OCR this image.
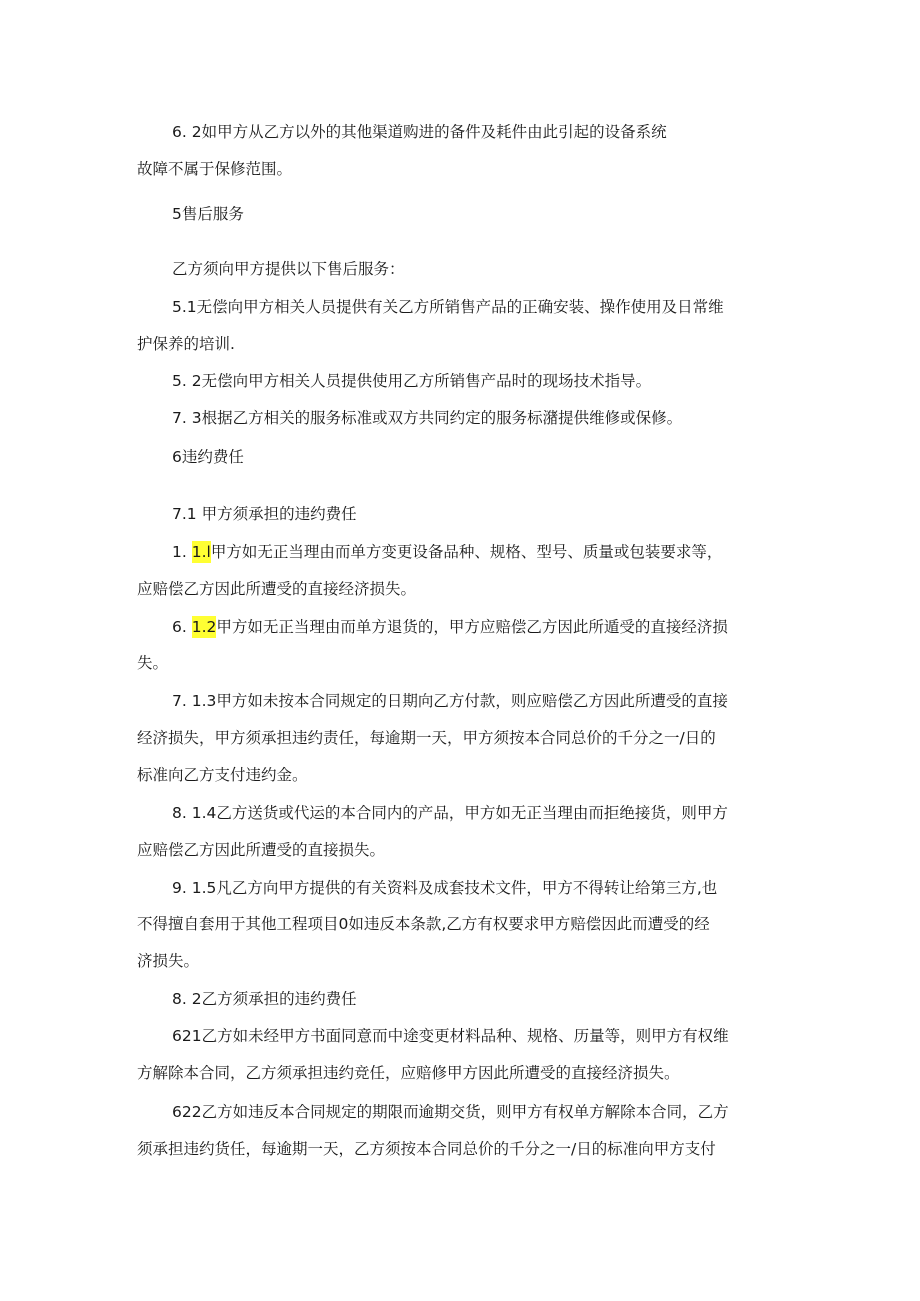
6. 2如甲方从乙方以外的其他渠道购进的备件及耗件由此引起的设备系统

故障不属于保修范围。

5售后服务

乙方须向甲方提供以下售后服务：

5.1无偿向甲方相关人员提供有关乙方所销售产品的正确安装、操作使用及日常维

护保养的培训.

5. 2无偿向甲方相关人员提供使用乙方所销售产品时的现场技术指导。

7. 3根据乙方相关的服务标准或双方共同约定的服务标潴提供维修或保修。

6违约费任

7.1 甲方须承担的违约费任

1. 1.l甲方如无正当理由而单方变更设备品种、规格、型号、质量或包装要求等，

应赔偿乙方因此所遭受的直接经济损失。

6. 1.2甲方如无正当理由而单方退货的，甲方应赔偿乙方因此所遁受的直接经济损

失。

7. 1.3甲方如未按本合同规定的日期向乙方付款，则应赔偿乙方因此所遭受的直接

经济损失，甲方须承担违约责任，每逾期一天，甲方须按本合同总价的千分之一/日的

标准向乙方支付违约金。

8. 1.4乙方送货或代运的本合同内的产品，甲方如无正当理由而拒绝接货，则甲方

应赔偿乙方因此所遭受的直接损失。

9. 1.5凡乙方向甲方提供的有关资料及成套技术文件，甲方不得转让给第三方,也

不得擅自套用于其他工程项目0如违反本条款,乙方有权要求甲方赔偿因此而遭受的经

济损失。

8. 2乙方须承担的违约费任

621乙方如未经甲方书面同意而中途变更材料品种、规格、历量等，则甲方有权维

方解除本合同，乙方须承担违约竞任，应赔修甲方因此所遭受的直接经济损失。

622乙方如违反本合同规定的期限而逾期交货，则甲方有权单方解除本合同，乙方

须承担违约货任，每逾期一天，乙方须按本合同总价的千分之一/日的标准向甲方支付
